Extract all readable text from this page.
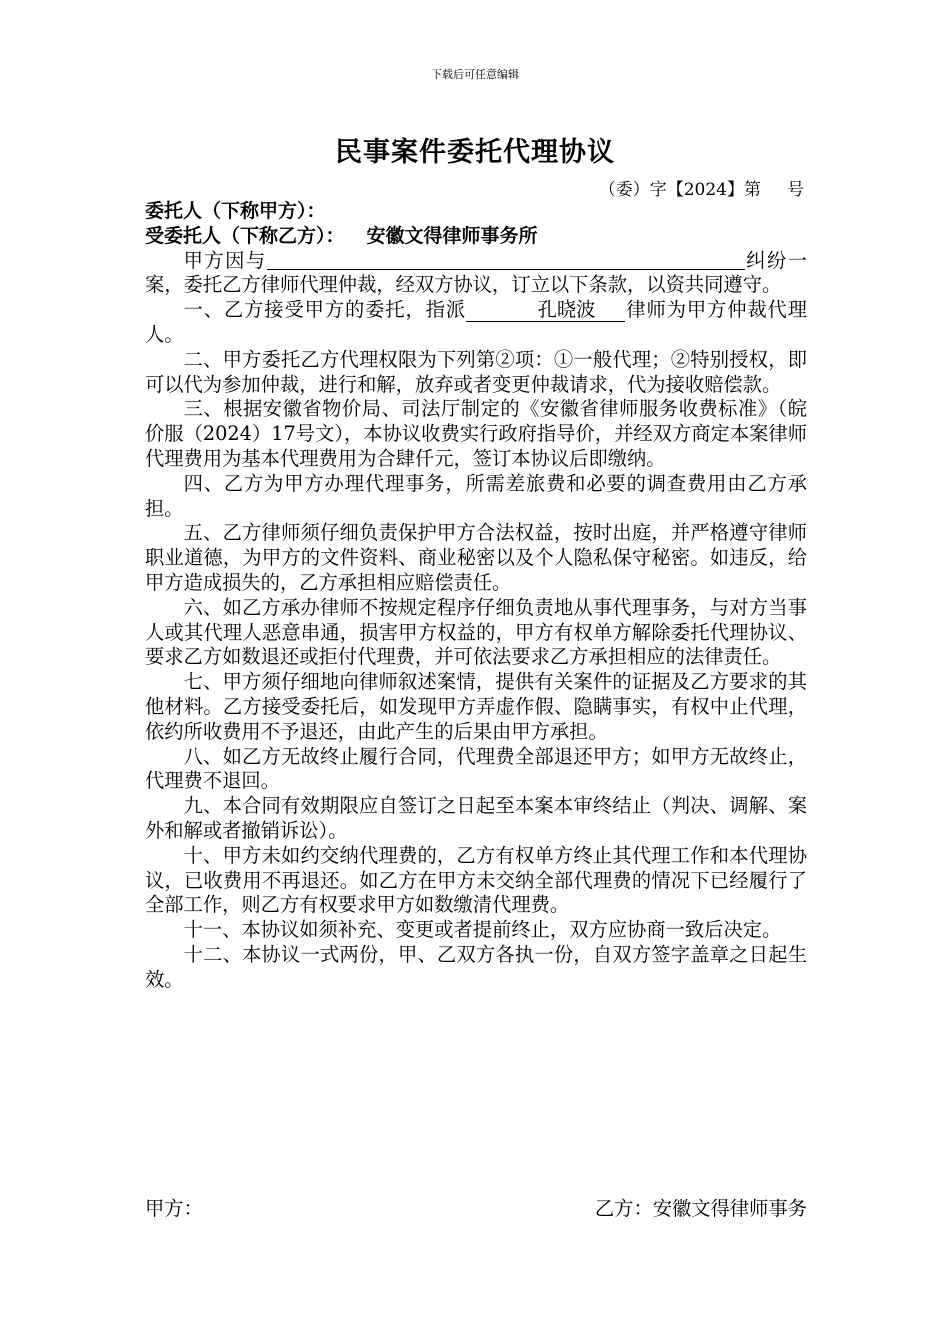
下载后可任意编辑
民事案件委托代理协议
（委）字【2024】第 号
委托人（下称甲方）：
受委托人（下称乙方）： 安徽文得律师事务所

甲方因与	纠纷一案，委托乙方律师代理仲裁，经双方协议，订立以下条款，以资共同遵守。

一、乙方接受甲方的委托，指派	孔晓波 律师为甲方仲裁代理人。

二、甲方委托乙方代理权限为下列第②项：①一般代理；②特别授权，即可以代为参加仲裁，进行和解，放弃或者变更仲裁请求，代为接收赔偿款。

三、根据安徽省物价局、司法厅制定的《安徽省律师服务收费标准》（皖价服（2024）17号文），本协议收费实行政府指导价，并经双方商定本案律师代理费用为基本代理费用为合肆仟元，签订本协议后即缴纳。

四、乙方为甲方办理代理事务，所需差旅费和必要的调查费用由乙方承担。

五、乙方律师须仔细负责保护甲方合法权益，按时出庭，并严格遵守律师职业道德，为甲方的文件资料、商业秘密以及个人隐私保守秘密。如违反，给甲方造成损失的，乙方承担相应赔偿责任。

六、如乙方承办律师不按规定程序仔细负责地从事代理事务，与对方当事人或其代理人恶意串通，损害甲方权益的，甲方有权单方解除委托代理协议、要求乙方如数退还或拒付代理费，并可依法要求乙方承担相应的法律责任。

七、甲方须仔细地向律师叙述案情，提供有关案件的证据及乙方要求的其他材料。乙方接受委托后，如发现甲方弄虚作假、隐瞒事实，有权中止代理，依约所收费用不予退还，由此产生的后果由甲方承担。

八、如乙方无故终止履行合同，代理费全部退还甲方；如甲方无故终止，代理费不退回。

九、本合同有效期限应自签订之日起至本案本审终结止（判决、调解、案外和解或者撤销诉讼）。

十、甲方未如约交纳代理费的，乙方有权单方终止其代理工作和本代理协议，已收费用不再退还。如乙方在甲方未交纳全部代理费的情况下已经履行了全部工作，则乙方有权要求甲方如数缴清代理费。

十一、本协议如须补充、变更或者提前终止，双方应协商一致后决定。

十二、本协议一式两份，甲、乙双方各执一份，自双方签字盖章之日起生效。

甲方：	乙方：安徽文得律师事务
